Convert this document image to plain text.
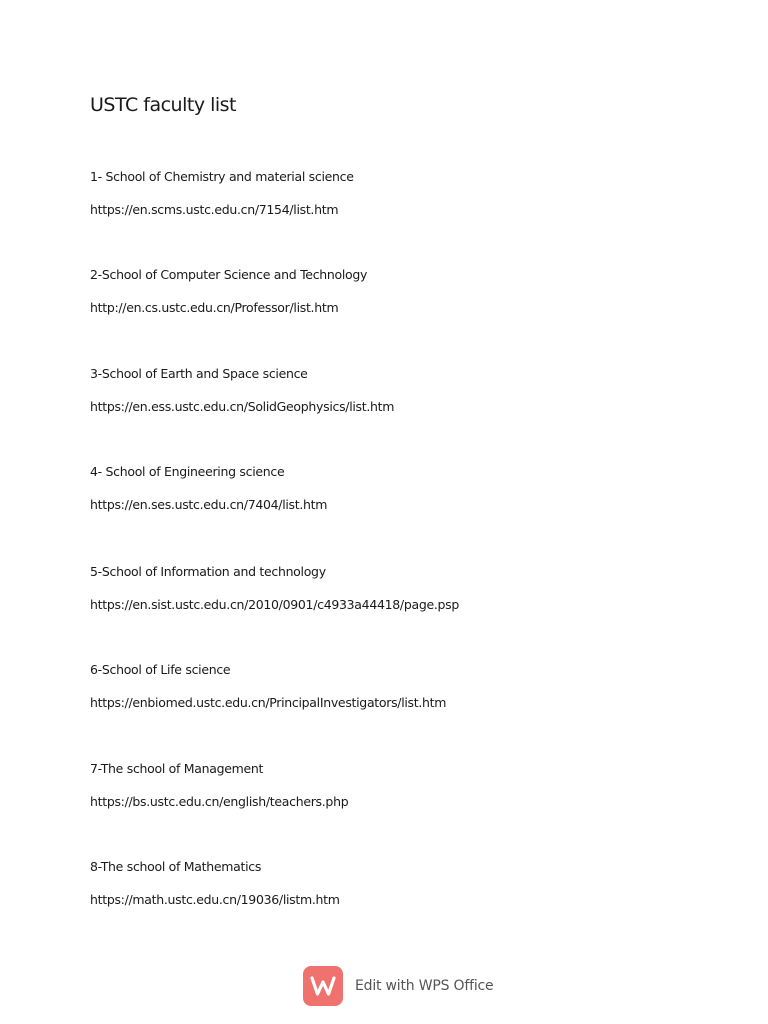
USTC faculty list
1- School of Chemistry and material science
https://en.scms.ustc.edu.cn/7154/list.htm
2-School of Computer Science and Technology
http://en.cs.ustc.edu.cn/Professor/list.htm
3-School of Earth and Space science
https://en.ess.ustc.edu.cn/SolidGeophysics/list.htm
4- School of Engineering science
https://en.ses.ustc.edu.cn/7404/list.htm
5-School of Information and technology
https://en.sist.ustc.edu.cn/2010/0901/c4933a44418/page.psp
6-School of Life science
https://enbiomed.ustc.edu.cn/PrincipalInvestigators/list.htm
7-The school of Management
https://bs.ustc.edu.cn/english/teachers.php
8-The school of Mathematics
https://math.ustc.edu.cn/19036/listm.htm
Edit with WPS Office
